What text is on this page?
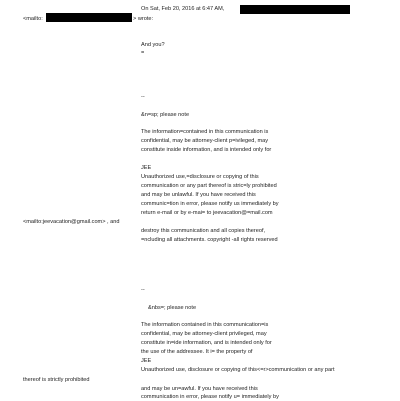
On Sat, Feb 20, 2016 at 6:47 AM,
<mailto:	> wrote:
And you?
=
--
&n=sp; please note
The information=contained in this communication is
confidential, may be attorney-client p=ivileged, may
constitute inside information, and is intended only for
JEE
Unauthorized use,=disclosure or copying of this
communication or any part thereof is stric=ly prohibited
and may be unlawful. If you have received this
communic=tion in error, please notify us immediately by
return e-mail or by e-mai= to jeevacation@=mail.com
<mailto:jeevacation@gmail.com> , and
destroy this communication and all copies thereof,
=ncluding all attachments. copyright -all rights reserved
--
&nbs=; please note
The information contained in this communication=is
confidential, may be attorney-client privileged, may
constitute in=ide information, and is intended only for
the use of the addressee. It i= the property of
JEE
Unauthorized use, disclosure or copying of this<=r>communication or any part
thereof is strictly prohibited
and may be un=awful. If you have received this
communication in error, please notify u= immediately by
